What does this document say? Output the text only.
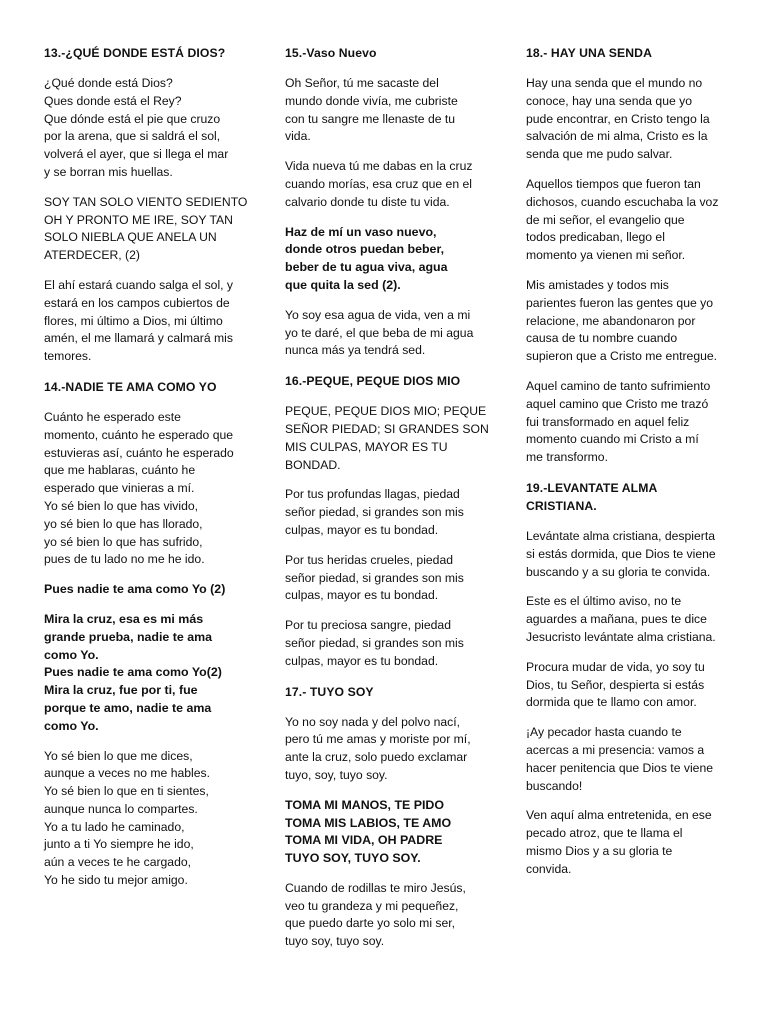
13.-¿QUÉ DONDE ESTÁ DIOS?

¿Qué donde está Dios?
Ques donde está el Rey?
Que dónde está el pie que cruzo
por la arena, que si saldrá el sol,
volverá el ayer, que si llega el mar
y se borran mis huellas.

SOY TAN SOLO VIENTO SEDIENTO
OH Y PRONTO ME IRE, SOY TAN
SOLO NIEBLA QUE ANELA UN
ATERDECER, (2)

El ahí estará cuando salga el sol, y
estará en los campos cubiertos de
flores, mi último a Dios, mi último
amén, el me llamará y calmará mis
temores.

14.-NADIE TE AMA COMO YO

Cuánto he esperado este
momento, cuánto he esperado que
estuvieras así, cuánto he esperado
que me hablaras, cuánto he
esperado que vinieras a mí.
Yo sé bien lo que has vivido,
yo sé bien lo que has llorado,
yo sé bien lo que has sufrido,
pues de tu lado no me he ido.

Pues nadie te ama como Yo (2)

Mira la cruz, esa es mi más
grande prueba, nadie te ama
como Yo.
Pues nadie te ama como Yo(2)
Mira la cruz, fue por ti, fue
porque te amo, nadie te ama
como Yo.

Yo sé bien lo que me dices,
aunque a veces no me hables.
Yo sé bien lo que en ti sientes,
aunque nunca lo compartes.
Yo a tu lado he caminado,
junto a ti Yo siempre he ido,
aún a veces te he cargado,
Yo he sido tu mejor amigo.

15.-Vaso Nuevo

Oh Señor, tú me sacaste del
mundo donde vivía, me cubriste
con tu sangre me llenaste de tu
vida.

Vida nueva tú me dabas en la cruz
cuando morías, esa cruz que en el
calvario donde tu diste tu vida.

Haz de mí un vaso nuevo,
donde otros puedan beber,
beber de tu agua viva, agua
que quita la sed (2).

Yo soy esa agua de vida, ven a mi
yo te daré, el que beba de mi agua
nunca más ya tendrá sed.

16.-PEQUE, PEQUE DIOS MIO

PEQUE, PEQUE DIOS MIO; PEQUE
SEÑOR PIEDAD; SI GRANDES SON
MIS CULPAS, MAYOR ES TU
BONDAD.

Por tus profundas llagas, piedad
señor piedad, si grandes son mis
culpas, mayor es tu bondad.

Por tus heridas crueles, piedad
señor piedad, si grandes son mis
culpas, mayor es tu bondad.

Por tu preciosa sangre, piedad
señor piedad, si grandes son mis
culpas, mayor es tu bondad.

17.- TUYO SOY

Yo no soy nada y del polvo nací,
pero tú me amas y moriste por mí,
ante la cruz, solo puedo exclamar
tuyo, soy, tuyo soy.

TOMA MI MANOS, TE PIDO
TOMA MIS LABIOS, TE AMO
TOMA MI VIDA, OH PADRE
TUYO SOY, TUYO SOY.

Cuando de rodillas te miro Jesús,
veo tu grandeza y mi pequeñez,
que puedo darte yo solo mi ser,
tuyo soy, tuyo soy.

18.- HAY UNA SENDA

Hay una senda que el mundo no
conoce, hay una senda que yo
pude encontrar, en Cristo tengo la
salvación de mi alma, Cristo es la
senda que me pudo salvar.

Aquellos tiempos que fueron tan
dichosos, cuando escuchaba la voz
de mi señor, el evangelio que
todos predicaban, llego el
momento ya vienen mi señor.

Mis amistades y todos mis
parientes fueron las gentes que yo
relacione, me abandonaron por
causa de tu nombre cuando
supieron que a Cristo me entregue.

Aquel camino de tanto sufrimiento
aquel camino que Cristo me trazó
fui transformado en aquel feliz
momento cuando mi Cristo a mí
me transformo.

19.-LEVANTATE ALMA
CRISTIANA.

Levántate alma cristiana, despierta
si estás dormida, que Dios te viene
buscando y a su gloria te convida.

Este es el último aviso, no te
aguardes a mañana, pues te dice
Jesucristo levántate alma cristiana.

Procura mudar de vida, yo soy tu
Dios, tu Señor, despierta si estás
dormida que te llamo con amor.

¡Ay pecador hasta cuando te
acercas a mi presencia: vamos a
hacer penitencia que Dios te viene
buscando!

Ven aquí alma entretenida, en ese
pecado atroz, que te llama el
mismo Dios y a su gloria te
convida.
